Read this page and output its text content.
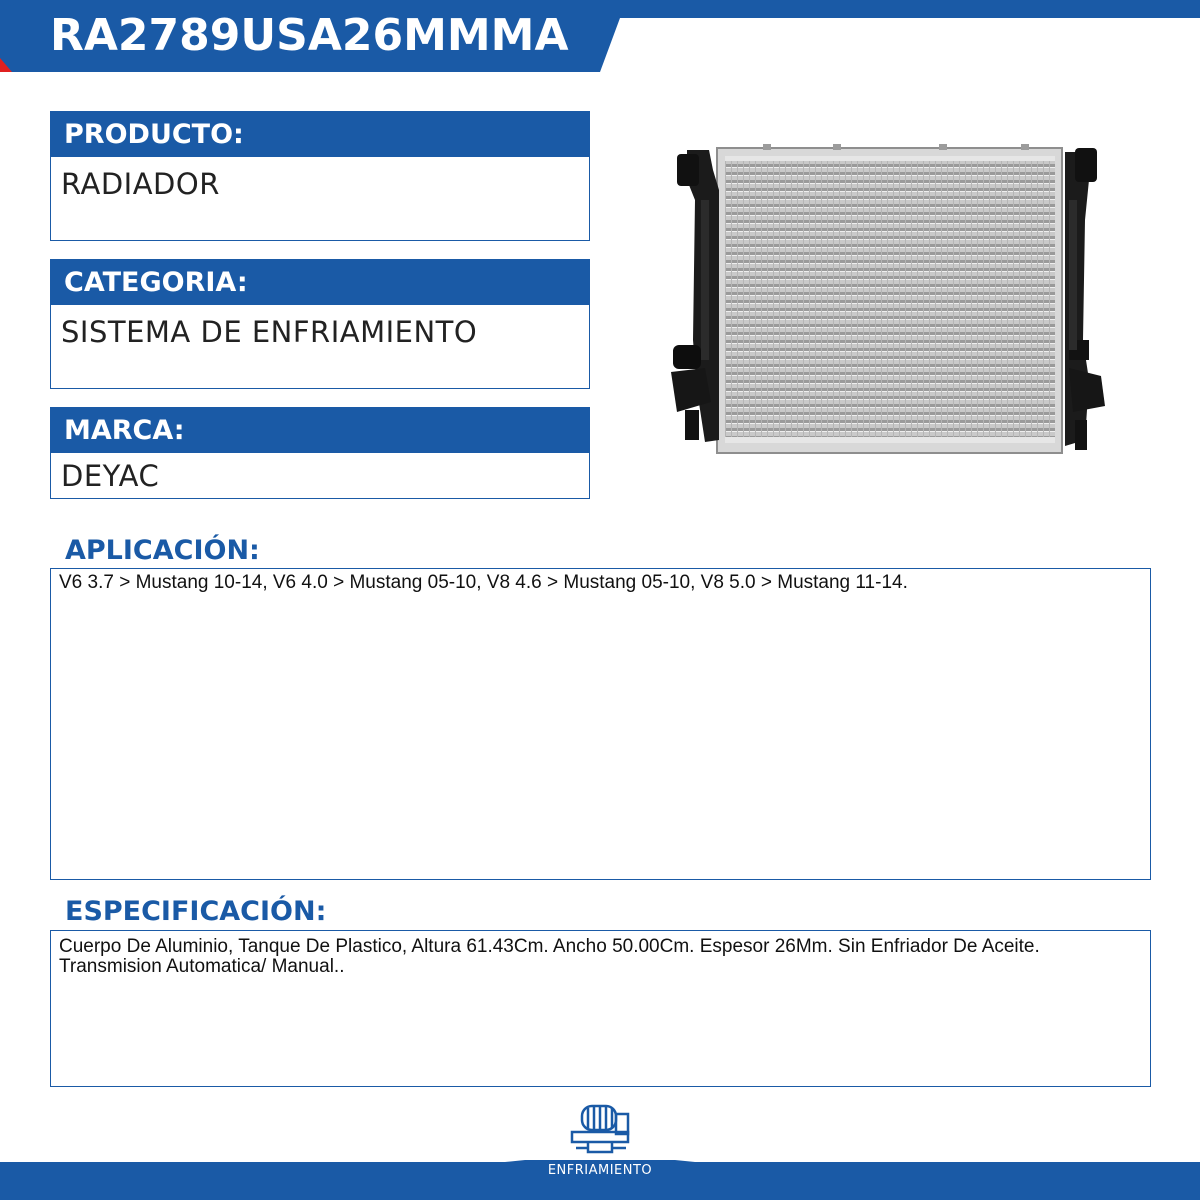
RA2789USA26MMMA
PRODUCTO:
RADIADOR
CATEGORIA:
SISTEMA DE ENFRIAMIENTO
MARCA:
DEYAC
APLICACIÓN:
V6 3.7 > Mustang 10-14, V6 4.0 > Mustang 05-10, V8 4.6 > Mustang 05-10, V8 5.0 > Mustang 11-14.
ESPECIFICACIÓN:
Cuerpo De Aluminio, Tanque De Plastico, Altura 61.43Cm. Ancho 50.00Cm. Espesor 26Mm. Sin Enfriador De Aceite. Transmision Automatica/ Manual..
ENFRIAMIENTO
